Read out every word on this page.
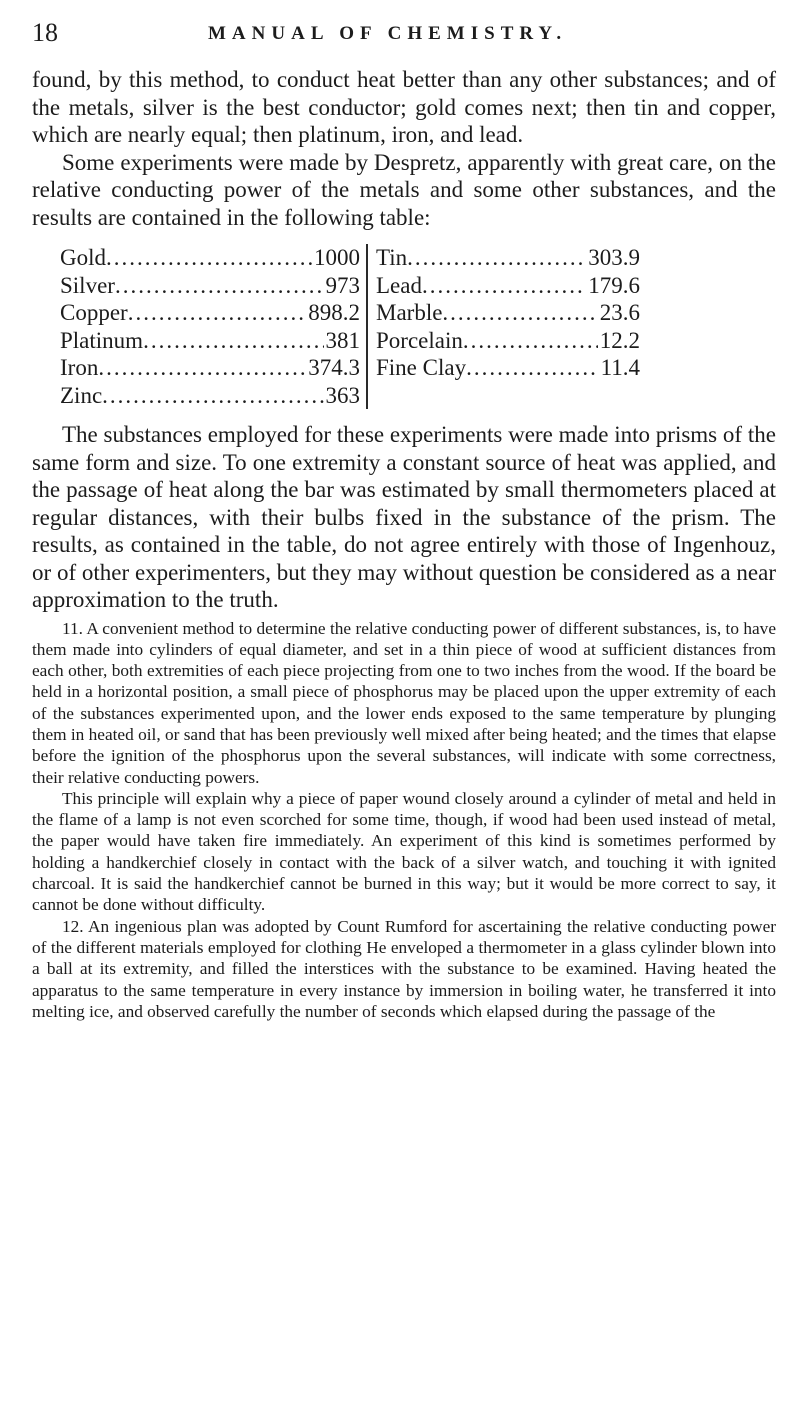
18	MANUAL OF CHEMISTRY.

found, by this method, to conduct heat better than any other substances; and of the metals, silver is the best conductor; gold comes next; then tin and copper, which are nearly equal; then platinum, iron, and lead.

Some experiments were made by Despretz, apparently with great care, on the relative conducting power of the metals and some other substances, and the results are contained in the following table:

Gold .....	1000
Silver .....	973
Copper .....	898.2
Platinum .....	381
Iron .....	374.3
Zinc .....	363
Tin .....	303.9
Lead .....	179.6
Marble .....	23.6
Porcelain .....	12.2
Fine Clay .....	11.4

The substances employed for these experiments were made into prisms of the same form and size. To one extremity a constant source of heat was applied, and the passage of heat along the bar was estimated by small thermometers placed at regular distances, with their bulbs fixed in the substance of the prism. The results, as contained in the table, do not agree entirely with those of Ingenhouz, or of other experimenters, but they may without question be considered as a near approximation to the truth.

11. A convenient method to determine the relative conducting power of different substances, is, to have them made into cylinders of equal diameter, and set in a thin piece of wood at sufficient distances from each other, both extremities of each piece projecting from one to two inches from the wood. If the board be held in a horizontal position, a small piece of phosphorus may be placed upon the upper extremity of each of the substances experimented upon, and the lower ends exposed to the same temperature by plunging them in heated oil, or sand that has been previously well mixed after being heated; and the times that elapse before the ignition of the phosphorus upon the several substances, will indicate with some correctness, their relative conducting powers.

This principle will explain why a piece of paper wound closely around a cylinder of metal and held in the flame of a lamp is not even scorched for some time, though, if wood had been used instead of metal, the paper would have taken fire immediately. An experiment of this kind is sometimes performed by holding a handkerchief closely in contact with the back of a silver watch, and touching it with ignited charcoal. It is said the handkerchief cannot be burned in this way; but it would be more correct to say, it cannot be done without difficulty.

12. An ingenious plan was adopted by Count Rumford for ascertaining the relative conducting power of the different materials employed for clothing He enveloped a thermometer in a glass cylinder blown into a ball at its extremity, and filled the interstices with the substance to be examined. Having heated the apparatus to the same temperature in every instance by immersion in boiling water, he transferred it into melting ice, and observed carefully the number of seconds which elapsed during the passage of the
